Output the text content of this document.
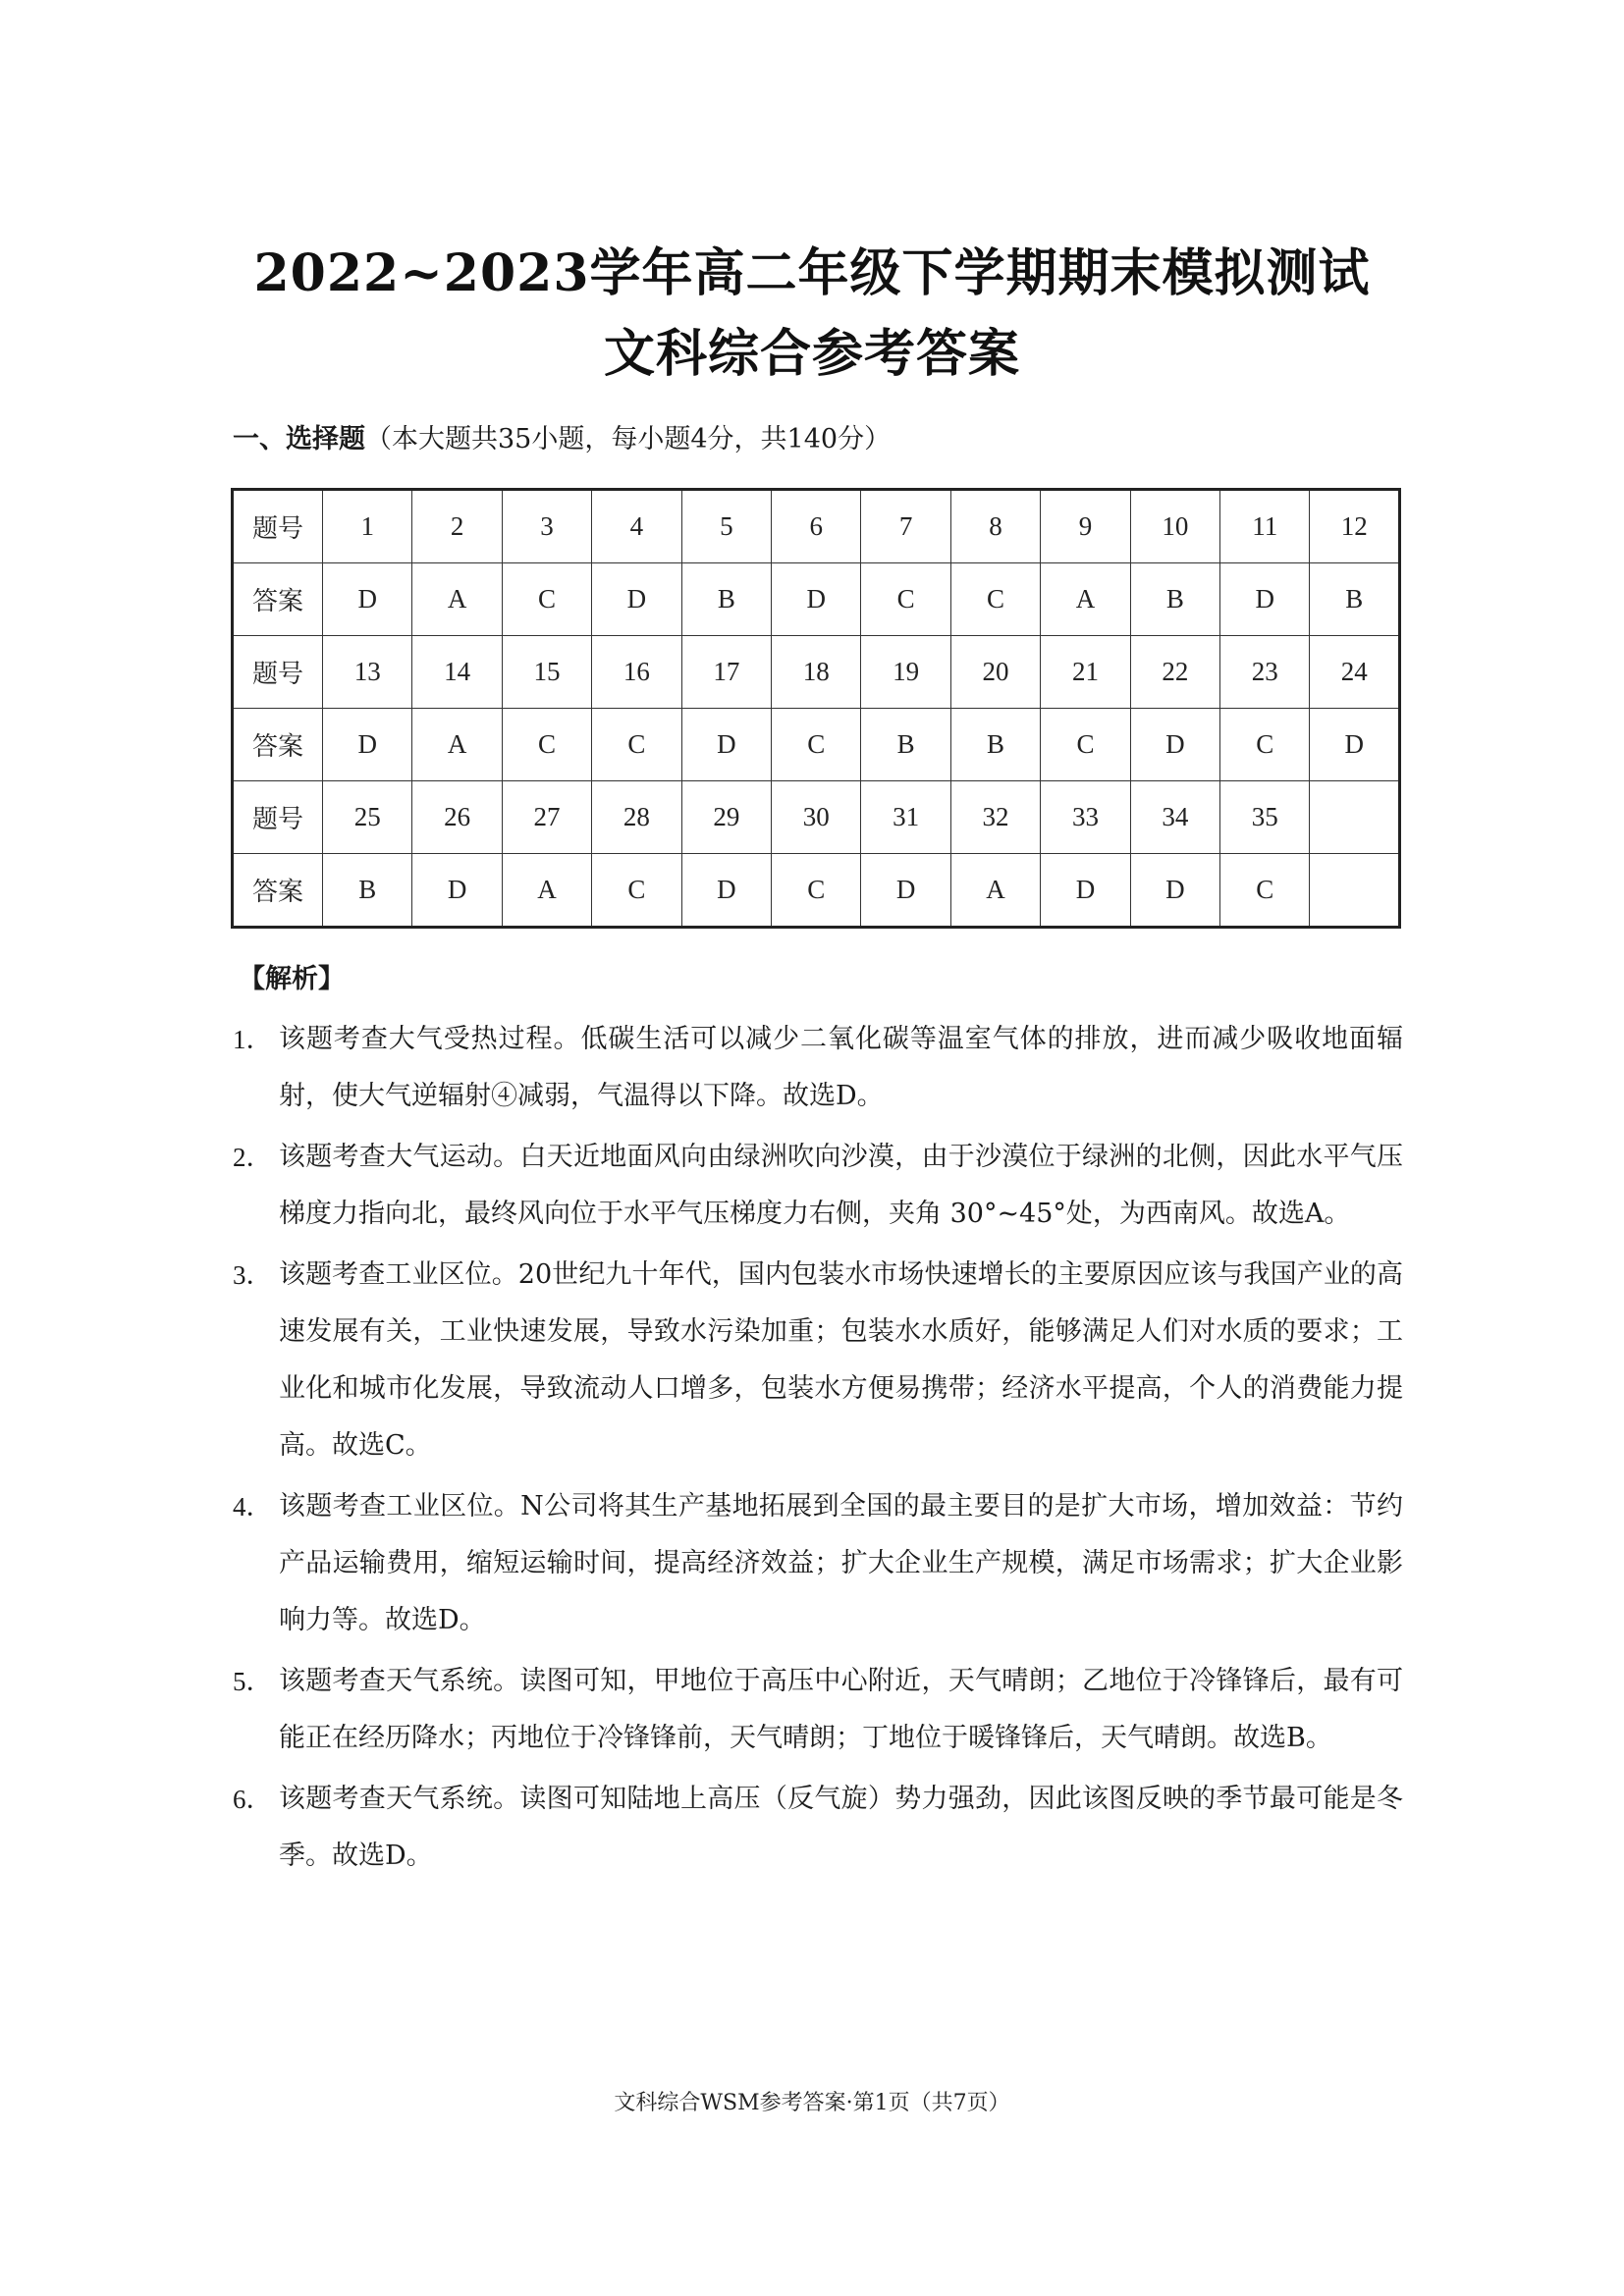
2022~2023学年高二年级下学期期末模拟测试
文科综合参考答案
一、选择题（本大题共35小题，每小题4分，共140分）
题号	1	2	3	4	5	6	7	8	9	10	11	12
答案	D	A	C	D	B	D	C	C	A	B	D	B
题号	13	14	15	16	17	18	19	20	21	22	23	24
答案	D	A	C	C	D	C	B	B	C	D	C	D
题号	25	26	27	28	29	30	31	32	33	34	35	
答案	B	D	A	C	D	C	D	A	D	D	C	
【解析】
1． 该题考查大气受热过程。低碳生活可以减少二氧化碳等温室气体的排放，进而减少吸收地面辐射，使大气逆辐射④减弱，气温得以下降。故选D。
2． 该题考查大气运动。白天近地面风向由绿洲吹向沙漠，由于沙漠位于绿洲的北侧，因此水平气压梯度力指向北，最终风向位于水平气压梯度力右侧，夹角 30°~45°处，为西南风。故选A。
3． 该题考查工业区位。20世纪九十年代，国内包装水市场快速增长的主要原因应该与我国产业的高速发展有关，工业快速发展，导致水污染加重；包装水水质好，能够满足人们对水质的要求；工业化和城市化发展，导致流动人口增多，包装水方便易携带；经济水平提高，个人的消费能力提高。故选C。
4． 该题考查工业区位。N公司将其生产基地拓展到全国的最主要目的是扩大市场，增加效益：节约产品运输费用，缩短运输时间，提高经济效益；扩大企业生产规模，满足市场需求；扩大企业影响力等。故选D。
5． 该题考查天气系统。读图可知，甲地位于高压中心附近，天气晴朗；乙地位于冷锋锋后，最有可能正在经历降水；丙地位于冷锋锋前，天气晴朗；丁地位于暖锋锋后，天气晴朗。故选B。
6． 该题考查天气系统。读图可知陆地上高压（反气旋）势力强劲，因此该图反映的季节最可能是冬季。故选D。
文科综合WSM参考答案·第1页（共7页）
